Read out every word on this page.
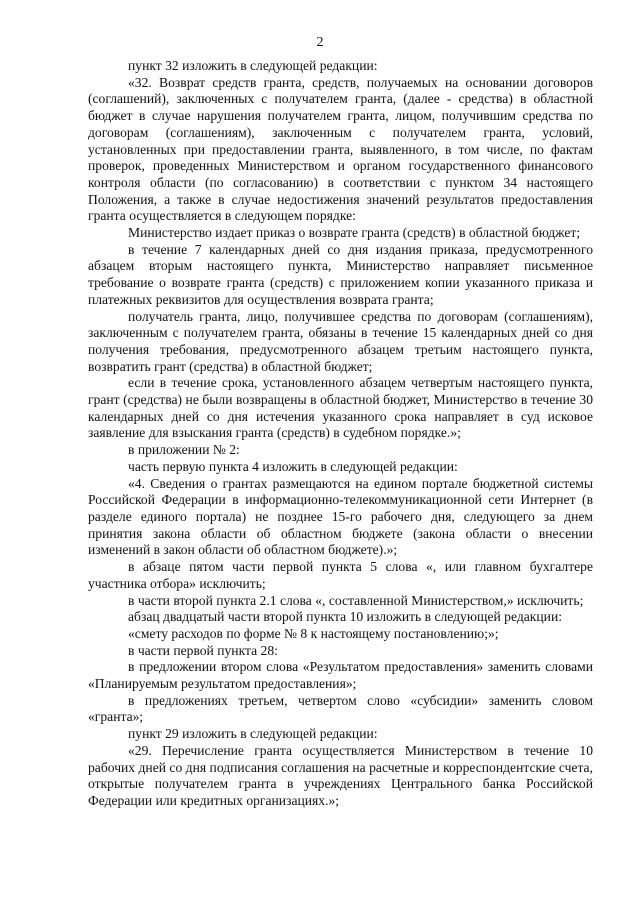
2

пункт 32 изложить в следующей редакции:

«32. Возврат средств гранта, средств, получаемых на основании договоров (соглашений), заключенных с получателем гранта, (далее - средства) в областной бюджет в случае нарушения получателем гранта, лицом, получившим средства по договорам (соглашениям), заключенным с получателем гранта, условий, установленных при предоставлении гранта, выявленного, в том числе, по фактам проверок, проведенных Министерством и органом государственного финансового контроля области (по согласованию) в соответствии с пунктом 34 настоящего Положения, а также в случае недостижения значений результатов предоставления гранта осуществляется в следующем порядке:

Министерство издает приказ о возврате гранта (средств) в областной бюджет;

в течение 7 календарных дней со дня издания приказа, предусмотренного абзацем вторым настоящего пункта, Министерство направляет письменное требование о возврате гранта (средств) с приложением копии указанного приказа и платежных реквизитов для осуществления возврата гранта;

получатель гранта, лицо, получившее средства по договорам (соглашениям), заключенным с получателем гранта, обязаны в течение 15 календарных дней со дня получения требования, предусмотренного абзацем третьим настоящего пункта, возвратить грант (средства) в областной бюджет;

если в течение срока, установленного абзацем четвертым настоящего пункта, грант (средства) не были возвращены в областной бюджет, Министерство в течение 30 календарных дней со дня истечения указанного срока направляет в суд исковое заявление для взыскания гранта (средств) в судебном порядке.»;

в приложении № 2:

часть первую пункта 4 изложить в следующей редакции:

«4. Сведения о грантах размещаются на едином портале бюджетной системы Российской Федерации в информационно-телекоммуникационной сети Интернет (в разделе единого портала) не позднее 15-го рабочего дня, следующего за днем принятия закона области об областном бюджете (закона области о внесении изменений в закон области об областном бюджете).»;

в абзаце пятом части первой пункта 5 слова «, или главном бухгалтере участника отбора» исключить;

в части второй пункта 2.1 слова «, составленной Министерством,» исключить;

абзац двадцатый части второй пункта 10 изложить в следующей редакции:

«смету расходов по форме № 8 к настоящему постановлению;»;

в части первой пункта 28:

в предложении втором слова «Результатом предоставления» заменить словами «Планируемым результатом предоставления»;

в предложениях третьем, четвертом слово «субсидии» заменить словом «гранта»;

пункт 29 изложить в следующей редакции:

«29. Перечисление гранта осуществляется Министерством в течение 10 рабочих дней со дня подписания соглашения на расчетные и корреспондентские счета, открытые получателем гранта в учреждениях Центрального банка Российской Федерации или кредитных организациях.»;
